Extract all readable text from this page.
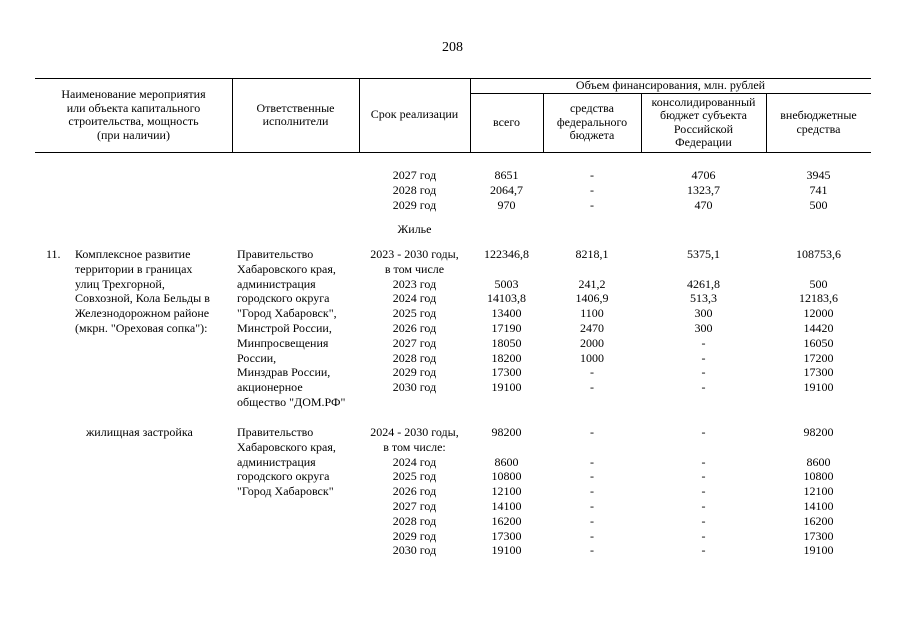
208
Наименование мероприятия
или объекта капитального
строительства, мощность
(при наличии)
Ответственные
исполнители	Срок реализации
Объем финансирования, млн. рублей
всего
средства
федерального
бюджета
консолидированный
бюджет субъекта
Российской
Федерации
внебюджетные
средства
2027 год
2028 год
2029 год
8651
2064,7
970
-
-
-
4706
1323,7
470
3945
741
500
Жилье
11. Комплексное развитие
территории в границах
улиц Трехгорной,
Совхозной, Кола Бельды в
Железнодорожном районе
(мкрн. "Ореховая сопка"):
Правительство
Хабаровского края,
администрация
городского округа
"Город Хабаровск",
Минстрой России,
Минпросвещения
России,
Минздрав России,
акционерное
общество "ДОМ.РФ"
2023 - 2030 годы,
в том числе
2023 год
2024 год
2025 год
2026 год
2027 год
2028 год
2029 год
2030 год
122346,8

5003
14103,8
13400
17190
18050
18200
17300
19100
8218,1

241,2
1406,9
1100
2470
2000
1000
-
-
5375,1

4261,8
513,3
300
300
-
-
-
-
108753,6

500
12183,6
12000
14420
16050
17200
17300
19100
жилищная застройка	Правительство
Хабаровского края,
администрация
городского округа
"Город Хабаровск"
2024 - 2030 годы,
в том числе:
2024 год
2025 год
2026 год
2027 год
2028 год
2029 год
2030 год
98200

8600
10800
12100
14100
16200
17300
19100
-

-
-
-
-
-
-
-
-

-
-
-
-
-
-
-
98200

8600
10800
12100
14100
16200
17300
19100
